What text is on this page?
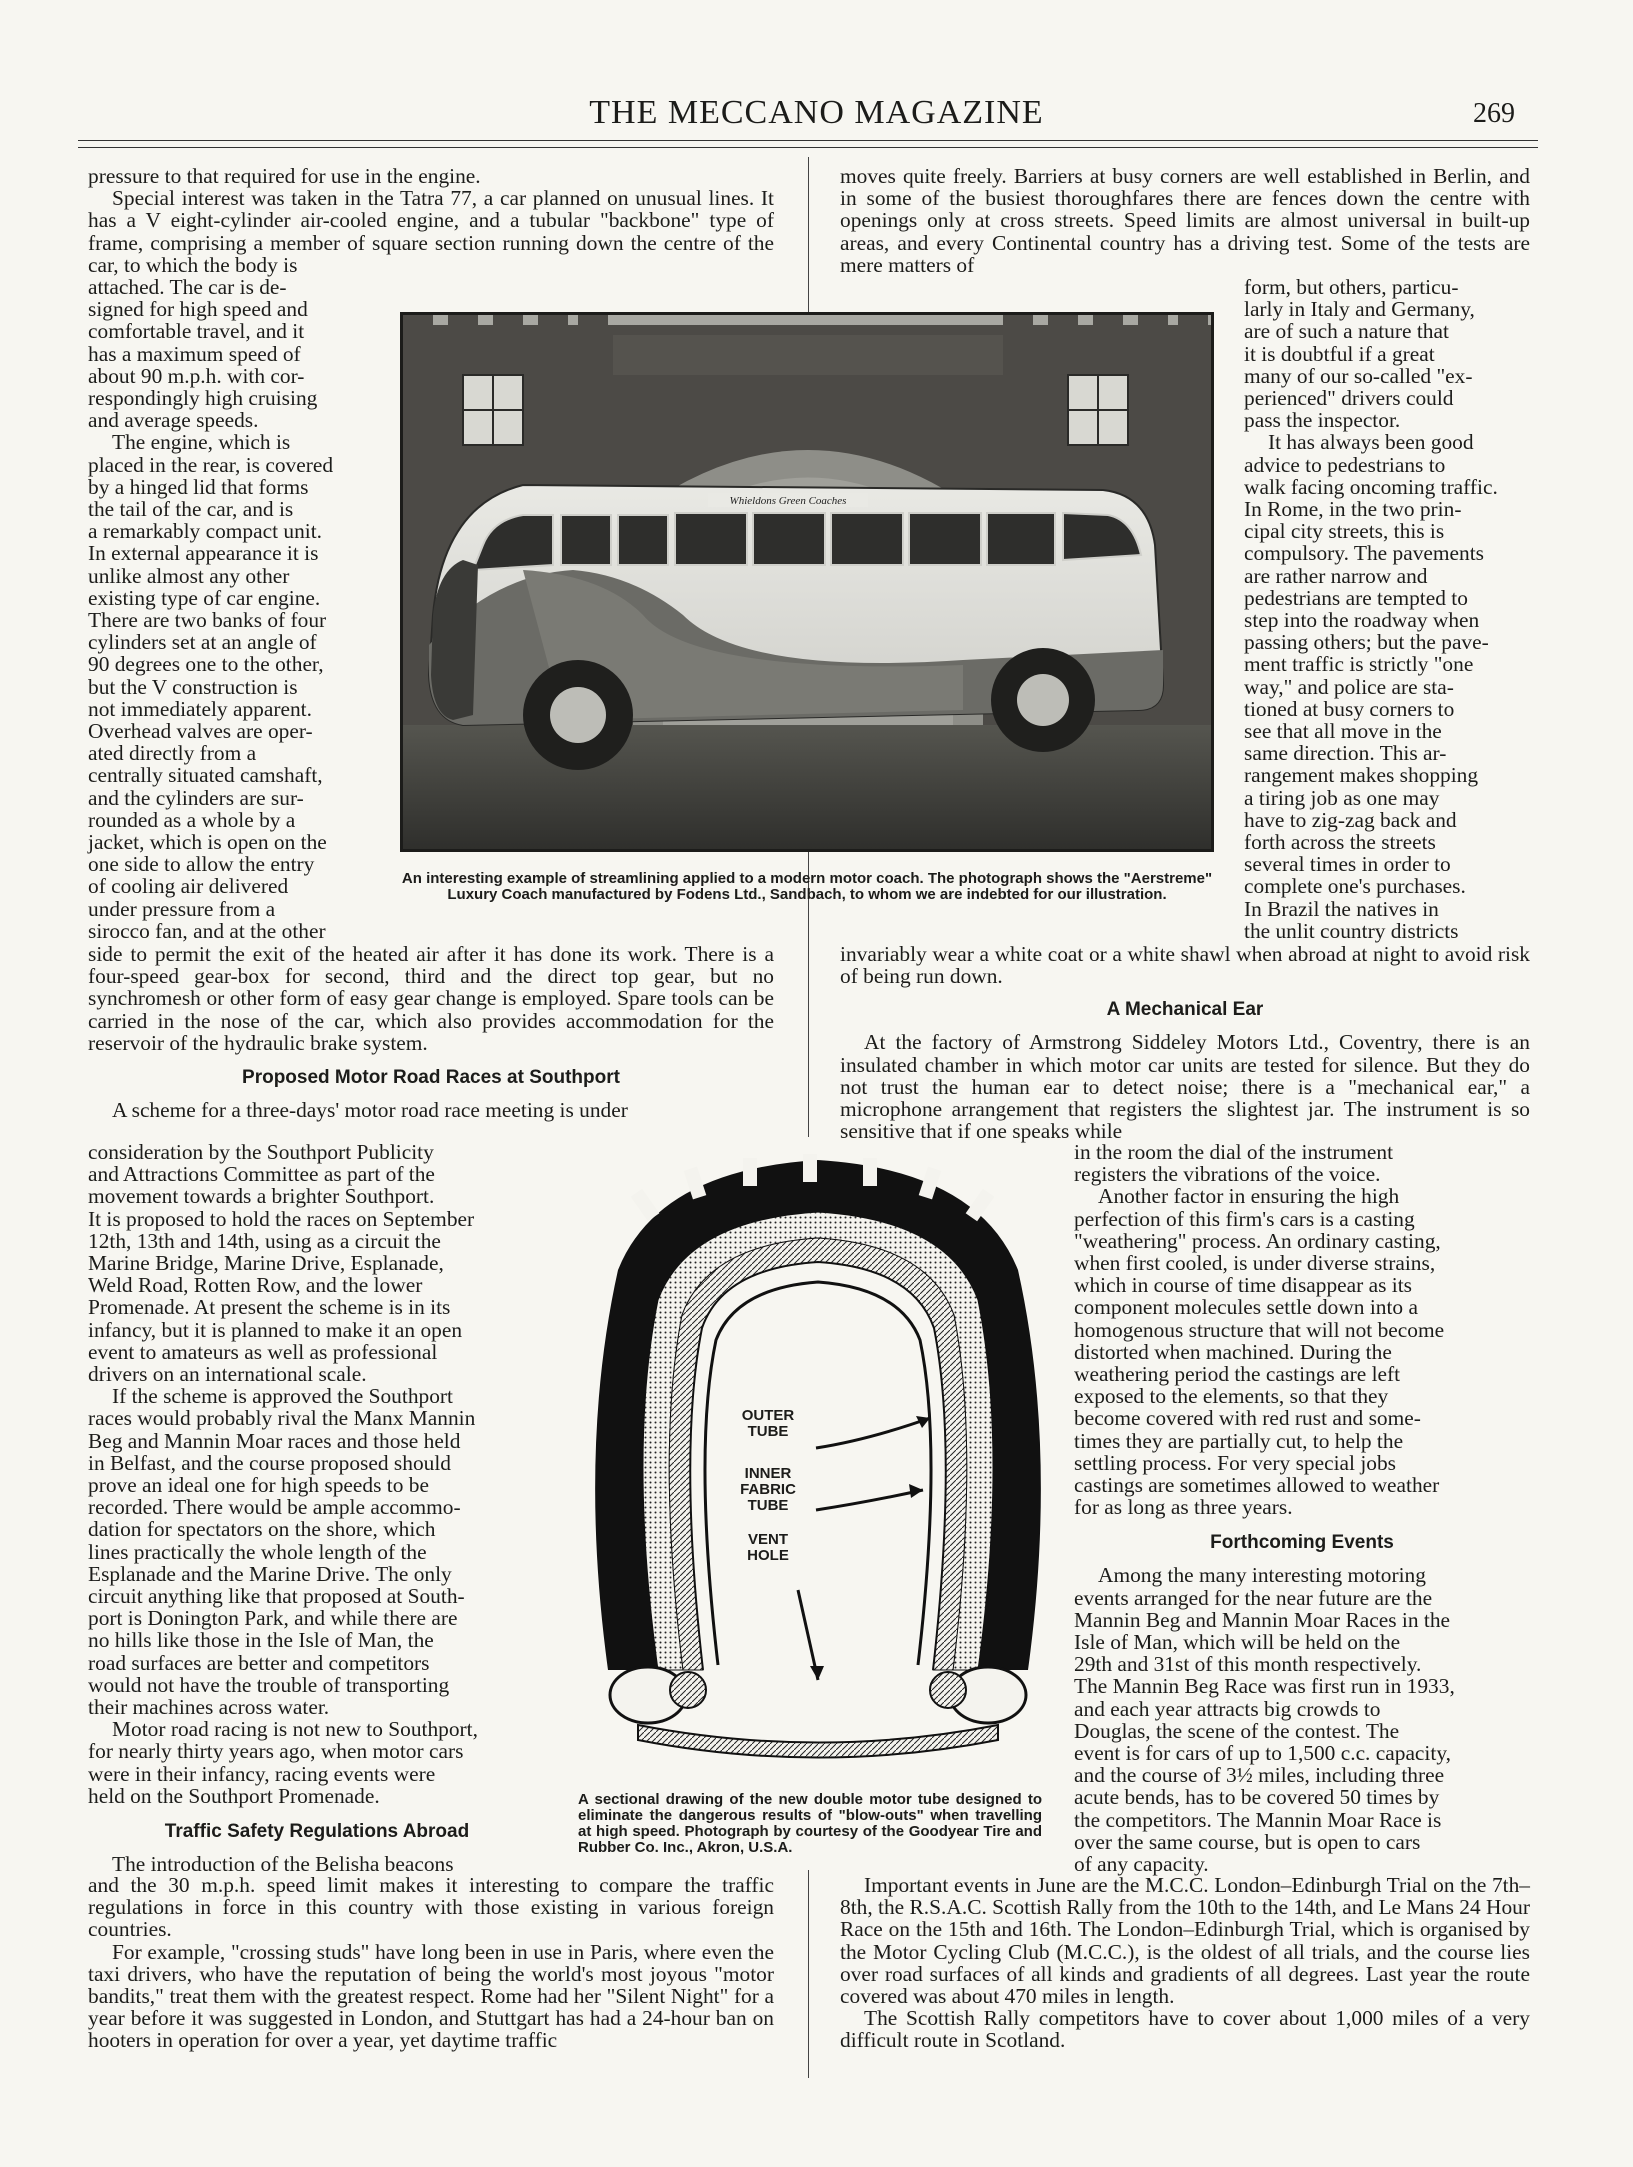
THE MECCANO MAGAZINE	269

pressure to that required for use in the engine.

Special interest was taken in the Tatra 77, a car planned on unusual lines. It has a V eight-cylinder air-cooled engine, and a tubular "backbone" type of frame, comprising a member of square section running down the centre of the car, to which the body is

attached. The car is de-
signed for high speed and
comfortable travel, and it
has a maximum speed of
about 90 m.p.h. with cor-
respondingly high cruising
and average speeds.
The engine, which is
placed in the rear, is covered
by a hinged lid that forms
the tail of the car, and is
a remarkably compact unit.
In external appearance it is
unlike almost any other
existing type of car engine.
There are two banks of four
cylinders set at an angle of
90 degrees one to the other,
but the V construction is
not immediately apparent.
Overhead valves are oper-
ated directly from a
centrally situated camshaft,
and the cylinders are sur-
rounded as a whole by a
jacket, which is open on the
one side to allow the entry
of cooling air delivered
under pressure from a
sirocco fan, and at the other

side to permit the exit of the heated air after it has done its work. There is a four-speed gear-box for second, third and the direct top gear, but no synchromesh or other form of easy gear change is employed. Spare tools can be carried in the nose of the car, which also provides accommodation for the reservoir of the hydraulic brake system.

Proposed Motor Road Races at Southport

A scheme for a three-days' motor road race meeting is under

consideration by the Southport Publicity
and Attractions Committee as part of the
movement towards a brighter Southport.
It is proposed to hold the races on September
12th, 13th and 14th, using as a circuit the
Marine Bridge, Marine Drive, Esplanade,
Weld Road, Rotten Row, and the lower
Promenade. At present the scheme is in its
infancy, but it is planned to make it an open
event to amateurs as well as professional
drivers on an international scale.
If the scheme is approved the Southport
races would probably rival the Manx Mannin
Beg and Mannin Moar races and those held
in Belfast, and the course proposed should
prove an ideal one for high speeds to be
recorded. There would be ample accommo-
dation for spectators on the shore, which
lines practically the whole length of the
Esplanade and the Marine Drive. The only
circuit anything like that proposed at South-
port is Donington Park, and while there are
no hills like those in the Isle of Man, the
road surfaces are better and competitors
would not have the trouble of transporting
their machines across water.
Motor road racing is not new to Southport,
for nearly thirty years ago, when motor cars
were in their infancy, racing events were
held on the Southport Promenade.
Traffic Safety Regulations Abroad
The introduction of the Belisha beacons

and the 30 m.p.h. speed limit makes it interesting to compare the traffic regulations in force in this country with those existing in various foreign countries.

For example, "crossing studs" have long been in use in Paris, where even the taxi drivers, who have the reputation of being the world's most joyous "motor bandits," treat them with the greatest respect. Rome had her "Silent Night" for a year before it was suggested in London, and Stuttgart has had a 24-hour ban on hooters in operation for over a year, yet daytime traffic

moves quite freely. Barriers at busy corners are well established in Berlin, and in some of the busiest thoroughfares there are fences down the centre with openings only at cross streets. Speed limits are almost universal in built-up areas, and every Continental country has a driving test. Some of the tests are mere matters of

form, but others, particu-
larly in Italy and Germany,
are of such a nature that
it is doubtful if a great
many of our so-called "ex-
perienced" drivers could
pass the inspector.
It has always been good
advice to pedestrians to
walk facing oncoming traffic.
In Rome, in the two prin-
cipal city streets, this is
compulsory. The pavements
are rather narrow and
pedestrians are tempted to
step into the roadway when
passing others; but the pave-
ment traffic is strictly "one
way," and police are sta-
tioned at busy corners to
see that all move in the
same direction. This ar-
rangement makes shopping
a tiring job as one may
have to zig-zag back and
forth across the streets
several times in order to
complete one's purchases.
In Brazil the natives in
the unlit country districts

invariably wear a white coat or a white shawl when abroad at night to avoid risk of being run down.

A Mechanical Ear

At the factory of Armstrong Siddeley Motors Ltd., Coventry, there is an insulated chamber in which motor car units are tested for silence. But they do not trust the human ear to detect noise; there is a "mechanical ear," a microphone arrangement that registers the slightest jar. The instrument is so sensitive that if one speaks while

in the room the dial of the instrument
registers the vibrations of the voice.
Another factor in ensuring the high
perfection of this firm's cars is a casting
"weathering" process. An ordinary casting,
when first cooled, is under diverse strains,
which in course of time disappear as its
component molecules settle down into a
homogenous structure that will not become
distorted when machined. During the
weathering period the castings are left
exposed to the elements, so that they
become covered with red rust and some-
times they are partially cut, to help the
settling process. For very special jobs
castings are sometimes allowed to weather
for as long as three years.
Forthcoming Events
Among the many interesting motoring
events arranged for the near future are the
Mannin Beg and Mannin Moar Races in the
Isle of Man, which will be held on the
29th and 31st of this month respectively.
The Mannin Beg Race was first run in 1933,
and each year attracts big crowds to
Douglas, the scene of the contest. The
event is for cars of up to 1,500 c.c. capacity,
and the course of 3½ miles, including three
acute bends, has to be covered 50 times by
the competitors. The Mannin Moar Race is
over the same course, but is open to cars
of any capacity.

Important events in June are the M.C.C. London–Edinburgh Trial on the 7th–8th, the R.S.A.C. Scottish Rally from the 10th to the 14th, and Le Mans 24 Hour Race on the 15th and 16th. The London–Edinburgh Trial, which is organised by the Motor Cycling Club (M.C.C.), is the oldest of all trials, and the course lies over road surfaces of all kinds and gradients of all degrees. Last year the route covered was about 470 miles in length.

The Scottish Rally competitors have to cover about 1,000 miles of a very difficult route in Scotland.

Whieldons Green Coaches
An interesting example of streamlining applied to a modern motor coach. The photograph shows the "Aerstreme" Luxury Coach manufactured by Fodens Ltd., Sandbach, to whom we are indebted for our illustration.
OUTER TUBE
INNER FABRIC TUBE
VENT HOLE
A sectional drawing of the new double motor tube designed to eliminate the dangerous results of "blow-outs" when travelling at high speed. Photograph by courtesy of the Goodyear Tire and Rubber Co. Inc., Akron, U.S.A.
